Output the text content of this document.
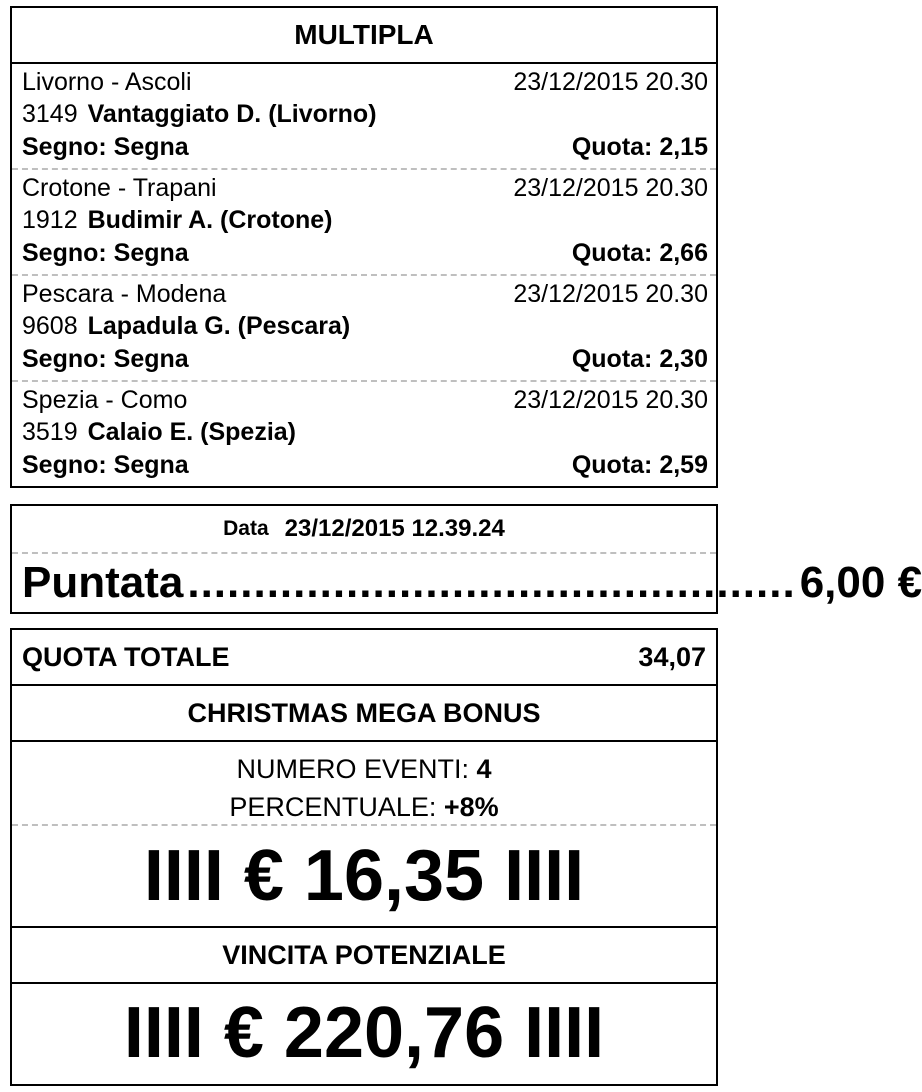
MULTIPLA
Livorno - Ascoli	23/12/2015 20.30
3149 Vantaggiato D. (Livorno)
Segno: Segna	Quota: 2,15
Crotone - Trapani	23/12/2015 20.30
1912 Budimir A. (Crotone)
Segno: Segna	Quota: 2,66
Pescara - Modena	23/12/2015 20.30
9608 Lapadula G. (Pescara)
Segno: Segna	Quota: 2,30
Spezia - Como	23/12/2015 20.30
3519 Calaio E. (Spezia)
Segno: Segna	Quota: 2,59
Data 23/12/2015 12.39.24
Puntata .............................................. 6,00 €
QUOTA TOTALE	34,07
CHRISTMAS MEGA BONUS
NUMERO EVENTI: 4
PERCENTUALE: +8%
IIII € 16,35 IIII
VINCITA POTENZIALE
IIII € 220,76 IIII
